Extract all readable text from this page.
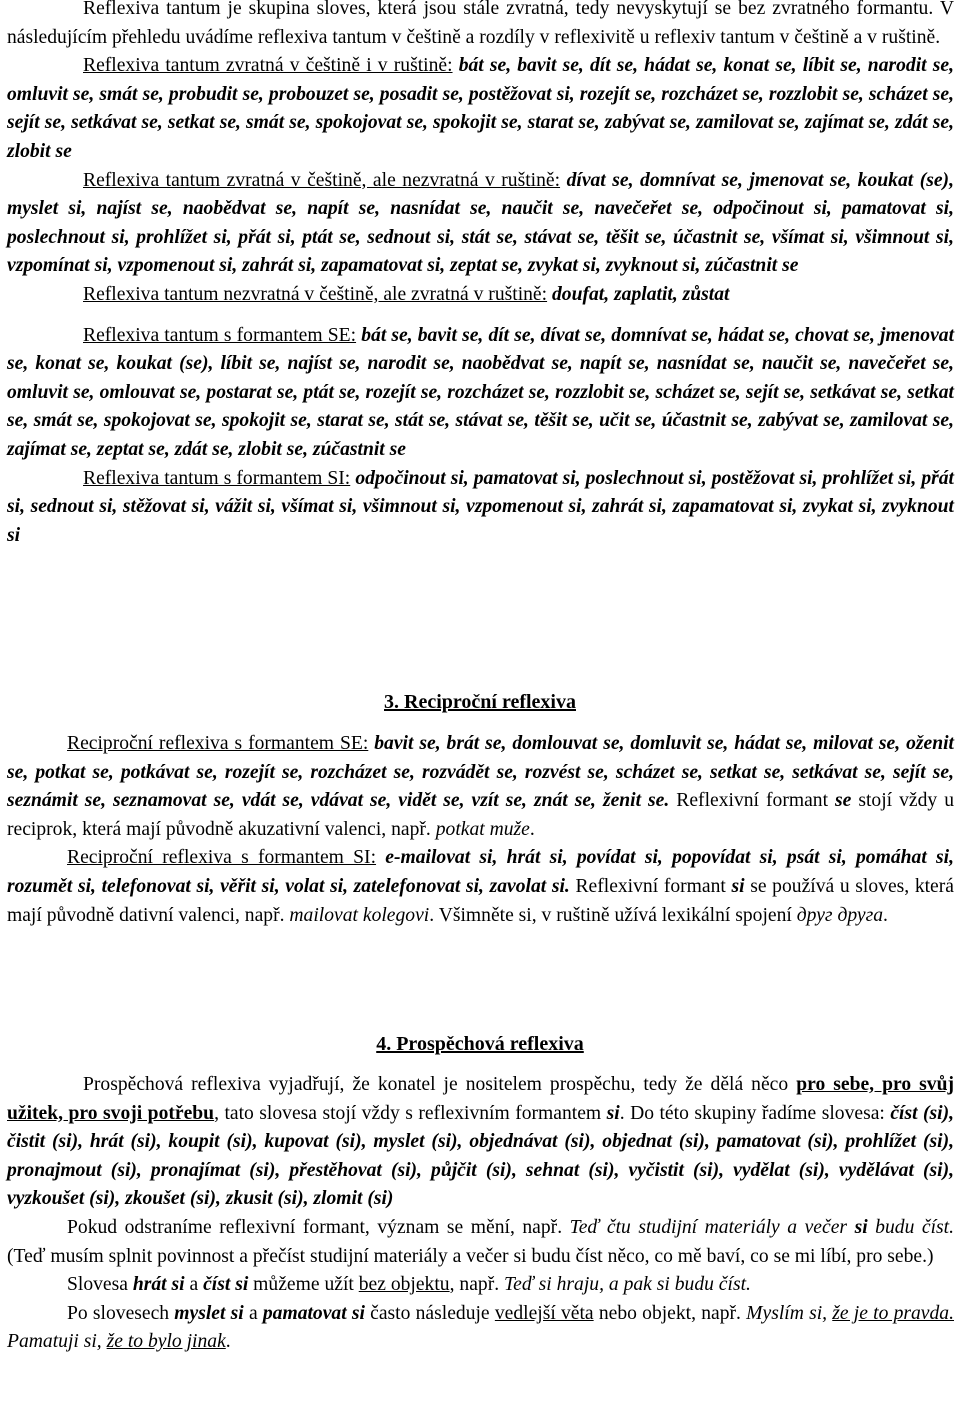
Reflexiva tantum je skupina sloves, která jsou stále zvratná, tedy nevyskytují se bez zvratného formantu. V následujícím přehledu uvádíme reflexiva tantum v češtině a rozdíly v reflexivitě u reflexiv tantum v češtině a v ruštině.

Reflexiva tantum zvratná v češtině i v ruštině: bát se, bavit se, dít se, hádat se, konat se, líbit se, narodit se, omluvit se, smát se, probudit se, probouzet se, posadit se, postěžovat si, rozejít se, rozcházet se, rozzlobit se, scházet se, sejít se, setkávat se, setkat se, smát se, spokojovat se, spokojit se, starat se, zabývat se, zamilovat se, zajímat se, zdát se, zlobit se

Reflexiva tantum zvratná v češtině, ale nezvratná v ruštině: dívat se, domnívat se, jmenovat se, koukat (se), myslet si, najíst se, naobědvat se, napít se, nasnídat se, naučit se, navečeřet se, odpočinout si, pamatovat si, poslechnout si, prohlížet si, přát si, ptát se, sednout si, stát se, stávat se, těšit se, účastnit se, všímat si, všimnout si, vzpomínat si, vzpomenout si, zahrát si, zapamatovat si, zeptat se, zvykat si, zvyknout si, zúčastnit se

Reflexiva tantum nezvratná v češtině, ale zvratná v ruštině: doufat, zaplatit, zůstat

Reflexiva tantum s formantem SE: bát se, bavit se, dít se, dívat se, domnívat se, hádat se, chovat se, jmenovat se, konat se, koukat (se), líbit se, najíst se, narodit se, naobědvat se, napít se, nasnídat se, naučit se, navečeřet se, omluvit se, omlouvat se, postarat se, ptát se, rozejít se, rozcházet se, rozzlobit se, scházet se, sejít se, setkávat se, setkat se, smát se, spokojovat se, spokojit se, starat se, stát se, stávat se, těšit se, učit se, účastnit se, zabývat se, zamilovat se, zajímat se, zeptat se, zdát se, zlobit se, zúčastnit se

Reflexiva tantum s formantem SI: odpočinout si, pamatovat si, poslechnout si, postěžovat si, prohlížet si, přát si, sednout si, stěžovat si, vážit si, všímat si, všimnout si, vzpomenout si, zahrát si, zapamatovat si, zvykat si, zvyknout si

3. Reciproční reflexiva

Reciproční reflexiva s formantem SE: bavit se, brát se, domlouvat se, domluvit se, hádat se, milovat se, oženit se, potkat se, potkávat se, rozejít se, rozcházet se, rozvádět se, rozvést se, scházet se, setkat se, setkávat se, sejít se, seznámit se, seznamovat se, vdát se, vdávat se, vidět se, vzít se, znát se, ženit se. Reflexivní formant se stojí vždy u reciprok, která mají původně akuzativní valenci, např. potkat muže.

Reciproční reflexiva s formantem SI: e-mailovat si, hrát si, povídat si, popovídat si, psát si, pomáhat si, rozumět si, telefonovat si, věřit si, volat si, zatelefonovat si, zavolat si. Reflexivní formant si se používá u sloves, která mají původně dativní valenci, např. mailovat kolegovi. Všimněte si, v ruštině užívá lexikální spojení друг друга.

4. Prospěchová reflexiva

Prospěchová reflexiva vyjadřují, že konatel je nositelem prospěchu, tedy že dělá něco pro sebe, pro svůj užitek, pro svoji potřebu, tato slovesa stojí vždy s reflexivním formantem si. Do této skupiny řadíme slovesa: číst (si), čistit (si), hrát (si), koupit (si), kupovat (si), myslet (si), objednávat (si), objednat (si), pamatovat (si), prohlížet (si), pronajmout (si), pronajímat (si), přestěhovat (si), půjčit (si), sehnat (si), vyčistit (si), vydělat (si), vydělávat (si), vyzkoušet (si), zkoušet (si), zkusit (si), zlomit (si)

Pokud odstraníme reflexivní formant, význam se mění, např. Teď čtu studijní materiály a večer si budu číst. (Teď musím splnit povinnost a přečíst studijní materiály a večer si budu číst něco, co mě baví, co se mi líbí, pro sebe.)

Slovesa hrát si a číst si můžeme užít bez objektu, např. Teď si hraju, a pak si budu číst.

Po slovesech myslet si a pamatovat si často následuje vedlejší věta nebo objekt, např. Myslím si, že je to pravda. Pamatuji si, že to bylo jinak.
